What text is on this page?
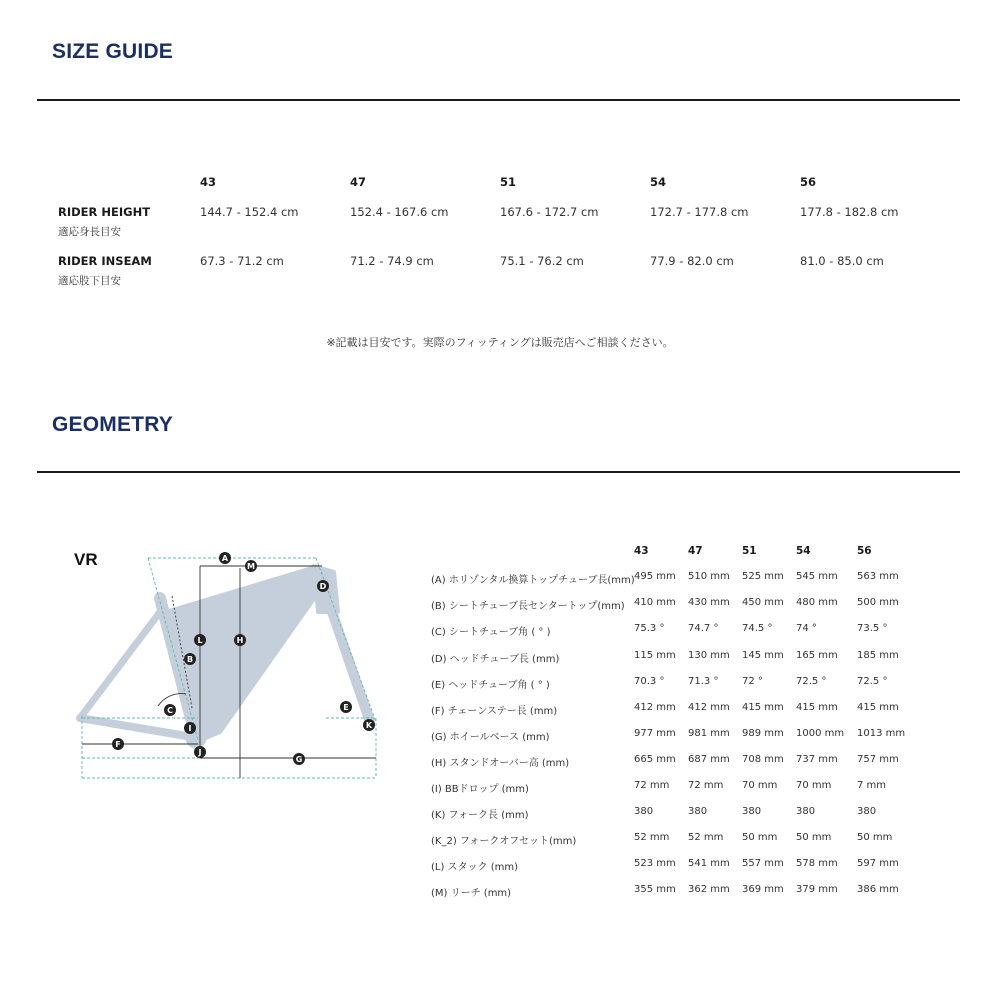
SIZE GUIDE
43	47	51	54	56
RIDER HEIGHT
適応身長目安
144.7 - 152.4 cm	152.4 - 167.6 cm	167.6 - 172.7 cm	172.7 - 177.8 cm	177.8 - 182.8 cm
RIDER INSEAM
適応股下目安
67.3 - 71.2 cm	71.2 - 74.9 cm	75.1 - 76.2 cm	77.9 - 82.0 cm	81.0 - 85.0 cm
※記載は目安です。実際のフィッティングは販売店へご相談ください。
GEOMETRY
VR	A
M
D
L	H
B
C	E
K
I
F
J
G
43	47	51	54	56
(A) ホリゾンタル換算トップチューブ長(mm) 495 mm 510 mm 525 mm 545 mm 563 mm
(B) シートチューブ長センタートップ(mm) 410 mm 430 mm 450 mm 480 mm 500 mm
(C) シートチューブ角 ( ° )	75.3 ° 74.7 ° 74.5 ° 74 °	73.5 °
(D) ヘッドチューブ長 (mm)	115 mm 130 mm 145 mm 165 mm 185 mm
(E) ヘッドチューブ角 ( ° )	70.3 ° 71.3 ° 72 °	72.5 °	72.5 °
(F) チェーンステー長 (mm)	412 mm 412 mm 415 mm 415 mm 415 mm
(G) ホイールベース (mm)	977 mm 981 mm 989 mm 1000 mm 1013 mm
(H) スタンドオーバー高 (mm)	665 mm 687 mm 708 mm 737 mm 757 mm
(I) BBドロップ (mm)	72 mm 72 mm 70 mm 70 mm	7 mm
(K) フォーク長 (mm)	380	380	380	380	380
(K_2) フォークオフセット(mm)	52 mm 52 mm 50 mm 50 mm	50 mm
(L) スタック (mm)	523 mm 541 mm 557 mm 578 mm 597 mm
(M) リーチ (mm)	355 mm 362 mm 369 mm 379 mm 386 mm
